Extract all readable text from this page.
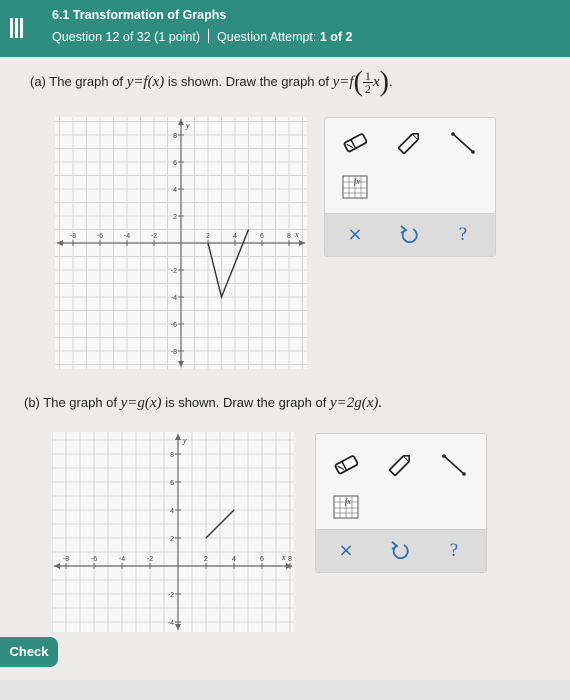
6.1 Transformation of Graphs
Question 12 of 32 (1 point) Question Attempt: 1 of 2
(a) The graph of y=f(x) is shown. Draw the graph of $y=f( \frac{1}{2} x)$.
-8	-6	-4	-2	2	4	6	8
8
6
4
2
-2
-4
-6
-8
x
y
fx
×	?
(b) The graph of y=g(x) is shown. Draw the graph of y=2g(x).
-8	-6	-4	-2	2	4	6	8
8
6
4
2
-2
-4
x
y
fx
×	?
Check
